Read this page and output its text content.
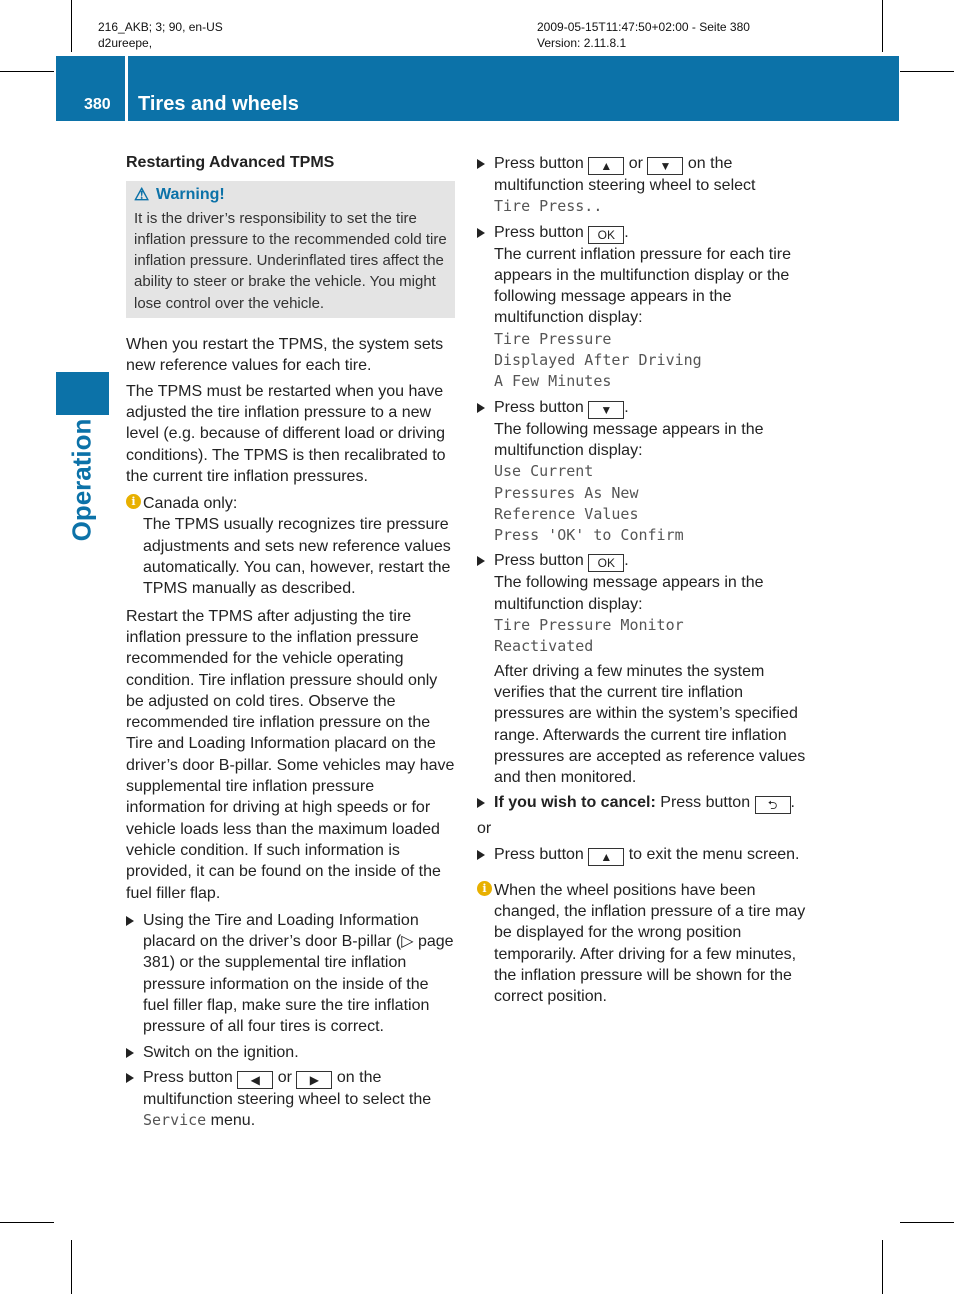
216_AKB; 3; 90, en-US
d2ureepe,
2009-05-15T11:47:50+02:00 - Seite 380
Version: 2.11.8.1
380 Tires and wheels
Operation

Restarting Advanced TPMS

⚠ Warning!

It is the driver’s responsibility to set the tire inflation pressure to the recommended cold tire inflation pressure. Underinflated tires affect the ability to steer or brake the vehicle. You might lose control over the vehicle.

When you restart the TPMS, the system sets new reference values for each tire.

The TPMS must be restarted when you have adjusted the tire inflation pressure to a new level (e.g. because of different load or driving conditions). The TPMS is then recalibrated to the current tire inflation pressures.

i Canada only:
The TPMS usually recognizes tire pressure adjustments and sets new reference values automatically. You can, however, restart the TPMS manually as described.

Restart the TPMS after adjusting the tire inflation pressure to the inflation pressure recommended for the vehicle operating condition. Tire inflation pressure should only be adjusted on cold tires. Observe the recommended tire inflation pressure on the Tire and Loading Information placard on the driver’s door B-pillar. Some vehicles may have supplemental tire inflation pressure information for driving at high speeds or for vehicle loads less than the maximum loaded vehicle condition. If such information is provided, it can be found on the inside of the fuel filler flap.

Using the Tire and Loading Information placard on the driver’s door B-pillar (▷ page 381) or the supplemental tire inflation pressure information on the inside of the fuel filler flap, make sure the tire inflation pressure of all four tires is correct.
Switch on the ignition.
Press button ◀ or ▶ on the multifunction steering wheel to select the Service menu.
Press button ▲ or ▼ on the multifunction steering wheel to select
Tire Press..
Press button OK .
The current inflation pressure for each tire appears in the multifunction display or the following message appears in the multifunction display:
Tire Pressure
Displayed After Driving
A Few Minutes
Press button ▼ .
The following message appears in the multifunction display:
Use Current
Pressures As New
Reference Values
Press 'OK' to Confirm
Press button OK .
The following message appears in the multifunction display:
Tire Pressure Monitor
Reactivated
After driving a few minutes the system verifies that the current tire inflation pressures are within the system’s specified range. Afterwards the current tire inflation pressures are accepted as reference values and then monitored.
If you wish to cancel: Press button ⮌ .

or

Press button ▲ to exit the menu screen.
i When the wheel positions have been changed, the inflation pressure of a tire may be displayed for the wrong position temporarily. After driving for a few minutes, the inflation pressure will be shown for the correct position.
